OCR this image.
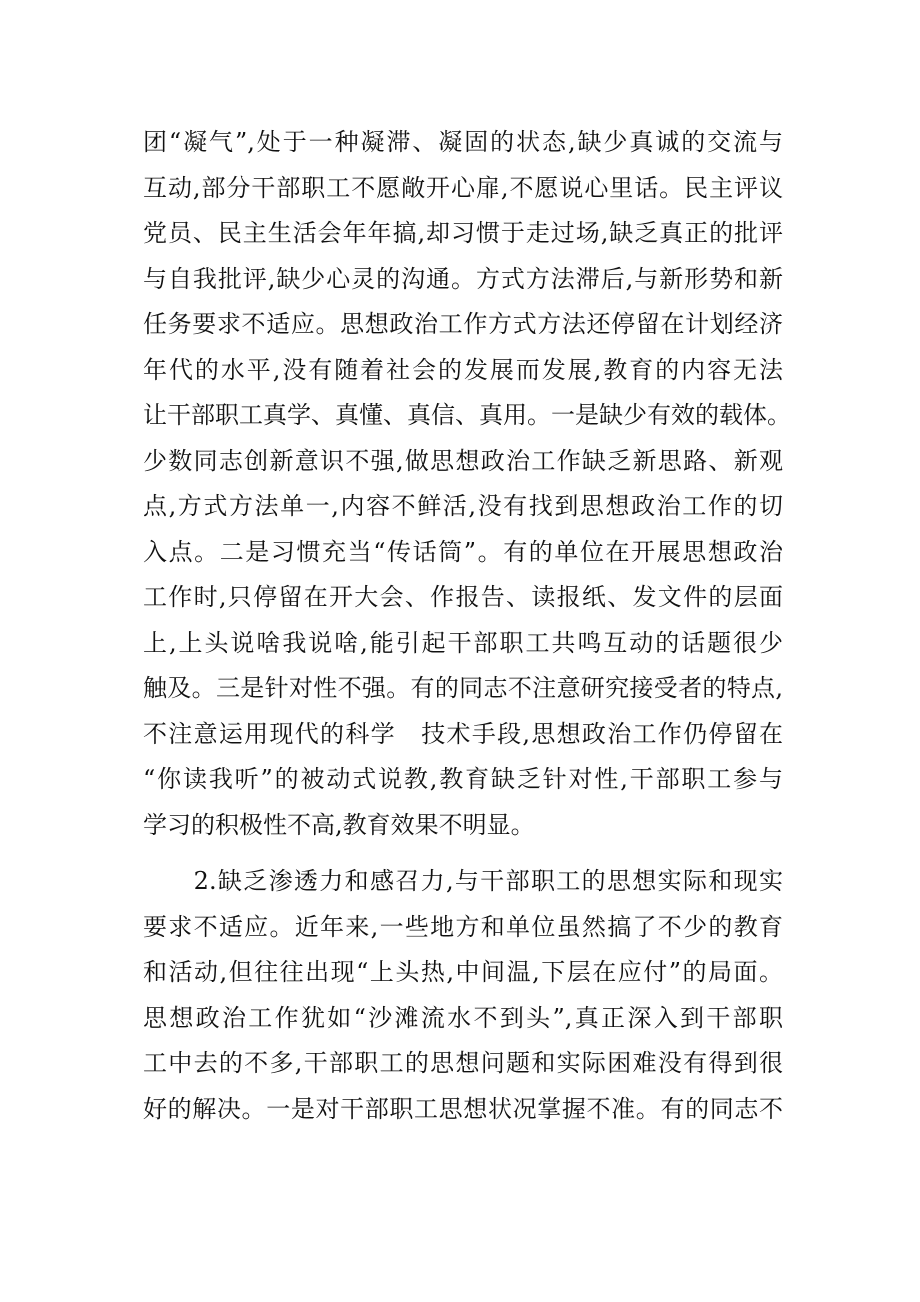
团“凝气”,处于一种凝滞、凝固的状态,缺少真诚的交流与
互动,部分干部职工不愿敞开心扉,不愿说心里话。民主评议
党员、民主生活会年年搞,却习惯于走过场,缺乏真正的批评
与自我批评,缺少心灵的沟通。方式方法滞后,与新形势和新
任务要求不适应。思想政治工作方式方法还停留在计划经济
年代的水平,没有随着社会的发展而发展,教育的内容无法
让干部职工真学、真懂、真信、真用。一是缺少有效的载体。
少数同志创新意识不强,做思想政治工作缺乏新思路、新观
点,方式方法单一,内容不鲜活,没有找到思想政治工作的切
入点。二是习惯充当“传话筒”。有的单位在开展思想政治
工作时,只停留在开大会、作报告、读报纸、发文件的层面
上,上头说啥我说啥,能引起干部职工共鸣互动的话题很少
触及。三是针对性不强。有的同志不注意研究接受者的特点,
不注意运用现代的科学　技术手段,思想政治工作仍停留在
“你读我听”的被动式说教,教育缺乏针对性,干部职工参与
学习的积极性不高,教育效果不明显。
　　2.缺乏渗透力和感召力,与干部职工的思想实际和现实
要求不适应。近年来,一些地方和单位虽然搞了不少的教育
和活动,但往往出现“上头热,中间温,下层在应付”的局面。
思想政治工作犹如“沙滩流水不到头”,真正深入到干部职
工中去的不多,干部职工的思想问题和实际困难没有得到很
好的解决。一是对干部职工思想状况掌握不准。有的同志不
